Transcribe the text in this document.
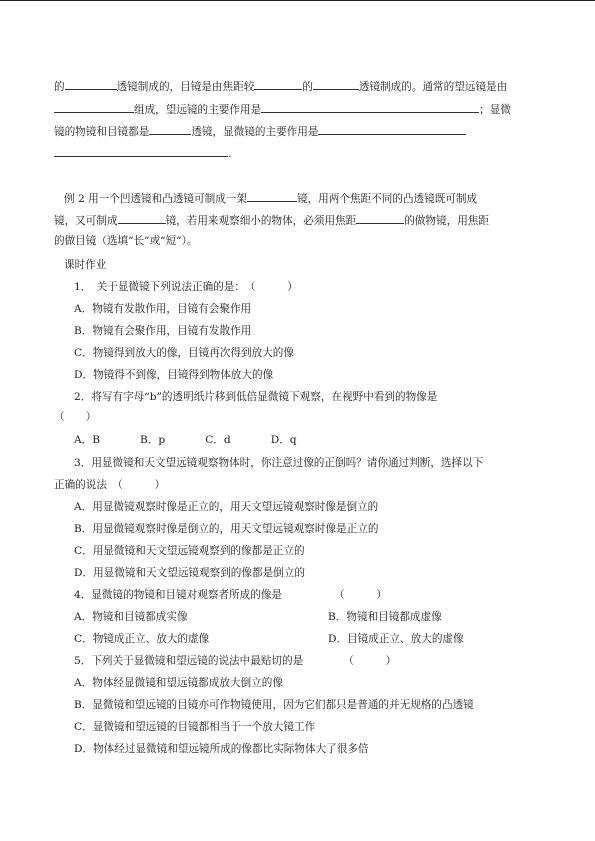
的	透镜制成的，目镜是由焦距较	的	透镜制成的。通常的望远镜是由
组成，望远镜的主要作用是	；显微
镜的物镜和目镜都是	透镜，显微镜的主要作用是
.
例 2 用一个凹透镜和凸透镜可制成一架	镜，用两个焦距不同的凸透镜既可制成
镜，又可制成	镜，若用来观察细小的物体，必须用焦距	的做物镜，用焦距
的做目镜（选填“长”或“短”）。
课时作业
1．　关于显微镜下列说法正确的是：　（　　　）
A．物镜有发散作用，目镜有会聚作用
B．物镜有会聚作用，目镜有发散作用
C．物镜得到放大的像，目镜再次得到放大的像
D．物镜得不到像，目镜得到物体放大的像
2．将写有字母“b”的透明纸片移到低倍显微镜下观察，在视野中看到的物像是
（　　）
A．B	B．p	C．d	D．q
3．用显微镜和天文望远镜观察物体时，你注意过像的正倒吗？请你通过判断，选择以下
正确的说法　（　　　）
A．用显微镜观察时像是正立的，用天文望远镜观察时像是倒立的
B．用显微镜观察时像是倒立的，用天文望远镜观察时像是正立的
C．用显微镜和天文望远镜观察到的像都是正立的
D．用显微镜和天文望远镜观察到的像都是倒立的
4．显微镜的物镜和目镜对观察者所成的像是	（　　　）
A．物镜和目镜都成实像	B．物镜和目镜都成虚像
C．物镜成正立、放大的虚像	D．目镜成正立、放大的虚像
5．下列关于显微镜和望远镜的说法中最贴切的是	（　　　）
A．物体经显微镜和望远镜都成放大倒立的像
B．显微镜和望远镜的目镜亦可作物镜使用，因为它们都只是普通的并无规格的凸透镜
C．显微镜和望远镜的目镜都相当于一个放大镜工作
D．物体经过显微镜和望远镜所成的像都比实际物体大了很多倍
